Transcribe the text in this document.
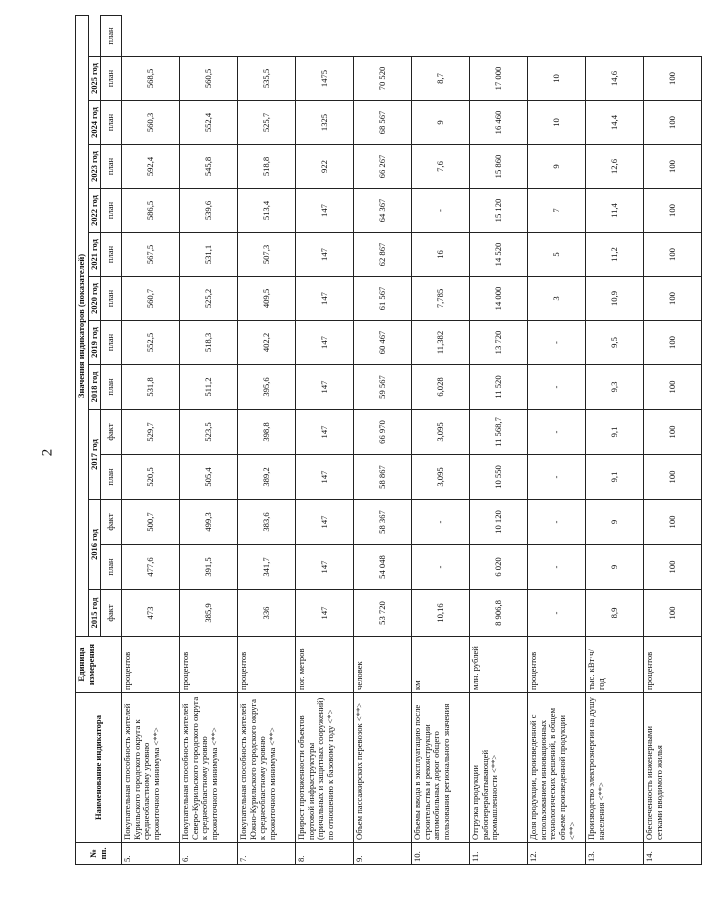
2
№ пп.	Наименование индикатора	Единица измерения	Значения индикаторов (показателей)													
			2015 год	2016 год		2017 год		2018 год	2019 год	2020 год	2021 год	2022 год	2023 год	2024 год	2025 год	
			факт	план	факт	план	факт	план	план	план	план	план	план	план	план	план
5.	Покупательная способность жителей Курильского городского округа к среднеобластному уровню прожиточного минимума <**>	процентов	473	477,6	500,7	520,5	529,7	531,8	552,5	560,7	567,5	586,5	592,4	560,3	568,5	
6.	Покупательная способность жителей Северо-Курильского городского округа к среднеобластному уровню прожиточного минимума <**>	процентов	385,9	391,5	499,3	505,4	523,5	511,2	518,3	525,2	531,1	539,6	545,8	552,4	560,5	
7.	Покупательная способность жителей Южно-Курильского городского округа к среднеобластному уровню прожиточного минимума <**>	процентов	336	341,7	383,6	389,2	398,8	395,6	402,2	409,5	507,3	513,4	518,8	525,7	535,5	
8.	Прирост протяженности объектов портовой инфраструктуры (причальных и защитных сооружений) по отношению к базовому году <*>	пог. метров	147	147	147	147	147	147	147	147	147	147	922	1325	1475	
9.	Объем пассажирских перевозок <**>	человек	53 720	54 048	58 367	58 867	66 970	59 567	60 467	61 567	62 867	64 367	66 267	68 567	70 520	
10.	Объемы ввода в эксплуатацию после строительства и реконструкции автомобильных дорог общего пользования регионального значения	км	10,16	-	-	3,095	3,095	6,028	11,382	7,785	16	-	7,6	9	8,7	
11.	Отгрузка продукции рыбоперерабатывающей промышленности <**>	млн. рублей	8 906,8	6 020	10 120	10 550	11 568,7	11 520	13 720	14 000	14 520	15 120	15 860	16 460	17 000	
12.	Доля продукции, произведенной с использованием инновационных технологических решений, в общем объеме произведенной продукции <**>	процентов	-	-	-	-	-	-	-	3	5	7	9	10	10	
13.	Производство электроэнергии на душу населения <**>	тыс. кВт·ч/год	8,9	9	9	9,1	9,1	9,3	9,5	10,9	11,2	11,4	12,6	14,4	14,6	
14.	Обеспеченность инженерными сетками вводимого жилья	процентов	100	100	100	100	100	100	100	100	100	100	100	100	100	
